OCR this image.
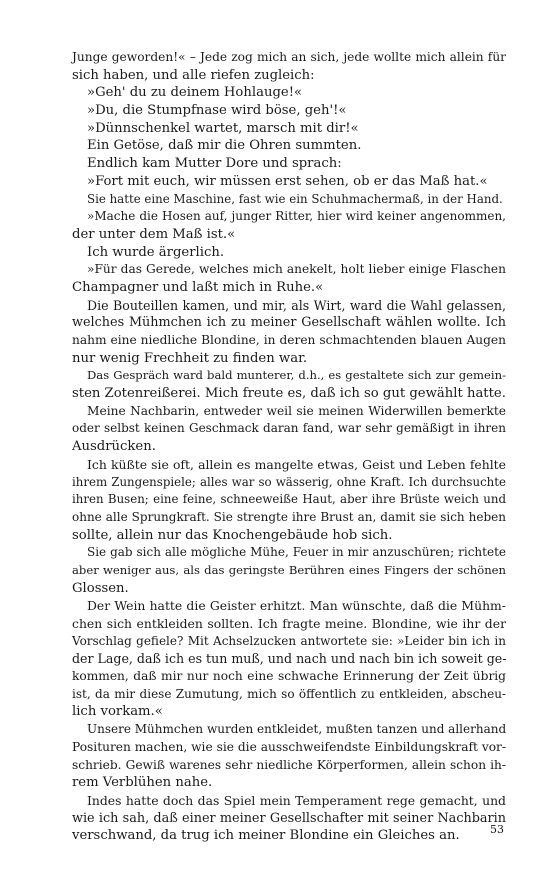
Junge geworden!« – Jede zog mich an sich, jede wollte mich allein für
sich haben, und alle riefen zugleich:
»Geh' du zu deinem Hohlauge!«
»Du, die Stumpfnase wird böse, geh'!«
»Dünnschenkel wartet, marsch mit dir!«
Ein Getöse, daß mir die Ohren summten.
Endlich kam Mutter Dore und sprach:
»Fort mit euch, wir müssen erst sehen, ob er das Maß hat.«
Sie hatte eine Maschine, fast wie ein Schuhmachermaß, in der Hand.
»Mache die Hosen auf, junger Ritter, hier wird keiner angenommen,
der unter dem Maß ist.«
Ich wurde ärgerlich.
»Für das Gerede, welches mich anekelt, holt lieber einige Flaschen
Champagner und laßt mich in Ruhe.«
Die Bouteillen kamen, und mir, als Wirt, ward die Wahl gelassen,
welches Mühmchen ich zu meiner Gesellschaft wählen wollte. Ich
nahm eine niedliche Blondine, in deren schmachtenden blauen Augen
nur wenig Frechheit zu finden war.
Das Gespräch ward bald munterer, d.h., es gestaltete sich zur gemein-
sten Zotenreißerei. Mich freute es, daß ich so gut gewählt hatte.
Meine Nachbarin, entweder weil sie meinen Widerwillen bemerkte
oder selbst keinen Geschmack daran fand, war sehr gemäßigt in ihren
Ausdrücken.
Ich küßte sie oft, allein es mangelte etwas, Geist und Leben fehlte
ihrem Zungenspiele; alles war so wässerig, ohne Kraft. Ich durchsuchte
ihren Busen; eine feine, schneeweiße Haut, aber ihre Brüste weich und
ohne alle Sprungkraft. Sie strengte ihre Brust an, damit sie sich heben
sollte, allein nur das Knochengebäude hob sich.
Sie gab sich alle mögliche Mühe, Feuer in mir anzuschüren; richtete
aber weniger aus, als das geringste Berühren eines Fingers der schönen
Glossen.
Der Wein hatte die Geister erhitzt. Man wünschte, daß die Mühm-
chen sich entkleiden sollten. Ich fragte meine. Blondine, wie ihr der
Vorschlag gefiele? Mit Achselzucken antwortete sie: »Leider bin ich in
der Lage, daß ich es tun muß, und nach und nach bin ich soweit ge-
kommen, daß mir nur noch eine schwache Erinnerung der Zeit übrig
ist, da mir diese Zumutung, mich so öffentlich zu entkleiden, abscheu-
lich vorkam.«
Unsere Mühmchen wurden entkleidet, mußten tanzen und allerhand
Posituren machen, wie sie die ausschweifendste Einbildungskraft vor-
schrieb. Gewiß warenes sehr niedliche Körperformen, allein schon ih-
rem Verblühen nahe.
Indes hatte doch das Spiel mein Temperament rege gemacht, und
wie ich sah, daß einer meiner Gesellschafter mit seiner Nachbarin
verschwand, da trug ich meiner Blondine ein Gleiches an.	53
